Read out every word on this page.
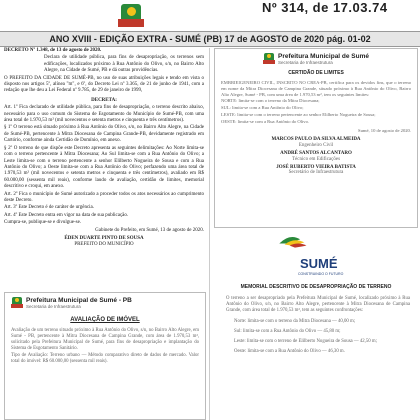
Nº 314, de 17.03.74
ANO XVIII - EDIÇÃO EXTRA - SUMÉ (PB) 17 de AGOSTO de 2020 pág. 01-02
DECRETO Nº 1.348, de 13 de agosto de 2020.
Declara de utilidade pública, para fins de desapropriação, os terrenos sem edificações, localizados próximo à Rua Antônio do Olivo, s/n, no Bairro Alto Alegre, na Cidade de Sumé, PB e dá outras providências.
O PREFEITO DA CIDADE DE SUMÉ-PB, no uso de suas atribuições legais e tendo em vista o disposto nos artigos 5º, alínea "m", e 6º, do Decreto Lei nº 3.365, de 21 de junho de 1941, com a redação que lhe deu a Lei Federal nº 9.785, de 29 de janeiro de 1999,
DECRETA:
Art. 1º Fica declarado de utilidade pública, para fins de desapropriação, o terreno descrito abaixo, necessário para o uso comum do Sistema de Esgotamento do Município de Sumé-PB, com uma área total de 1.970,53 m² (mil novecentos e setenta metros e cinquenta e três centímetros).
§ 1º O terreno está situado próximo à Rua Antônio do Olivo, s/n, no Bairro Alto Alegre, na Cidade de Sumé-PB, pertencente à Mitra Diocesana de Campina Grande-PB, devidamente registrado em Cartório, conforme ainda Certidão de Domínio, em anexo.
§ 2º O terreno de que dispõe este Decreto apresenta as seguintes delimitações: Ao Norte limita-se com o terreno pertencente à Mitra Diocesana; Ao Sul limita-se com a Rua Antônio do Olivo; a Leste limita-se com o terreno pertencente a senhor Elilberto Nogueira de Sousa e com a Rua Antônio do Olivo; a Oeste limita-se com a Rua Antônio do Olivo; perfazendo uma área total de 1.970,53 m² (mil novecentos e setenta metros e cinquenta e três centímetros), avaliado em R$ 60.000,00 (sessenta mil reais), conforme laudo de avaliação, certidão de limites, memorial descritivo e croqui, em anexo.
Art. 2º Fica o município de Sumé autorizado a proceder todos os atos necessários ao cumprimento deste Decreto.
Art. 3º Este Decreto é de caráter de urgência.
Art. 4º Este Decreto entra em vigor na data de sua publicação.
Cumpra-se, publique-se e divulgue-se.
Gabinete do Prefeito, em Sumé, 13 de agosto de 2020.
ÉDEN DUARTE PINTO DE SOUSA
PREFEITO DO MUNICÍPIO
Prefeitura Municipal de Sumé - PB
Secretaria de Infraestrutura
AVALIAÇÃO DE IMÓVEL
Avaliação de um terreno situado próximo à Rua Antônio do Olivo, s/n, no Bairro Alto Alegre, em Sumé - PB, pertencente à Mitra Diocesana de Campina Grande, com área de 1.970,53 m², solicitado pela Prefeitura Municipal de Sumé, para fins de desapropriação e implantação do Sistema de Esgotamento Sanitário.
Tipo de Avaliação: Terreno urbano — Método comparativo direto de dados de mercado. Valor total do imóvel: R$ 60.000,00 (sessenta mil reais).
Prefeitura Municipal de Sumé
Secretaria de Infraestrutura
CERTIDÃO DE LIMITES
EMBRIEIGENEIRO CIVIL, INSCRITO NO CREA-PB, certifica para os devidos fins, que o terreno em nome da Mitra Diocesana de Campina Grande, situado próximo à Rua Antônio do Olivo, Bairro Alto Alegre, Sumé - PB, com uma área de 1.970,53 m², tem os seguintes limites:
NORTE: limita-se com o terreno da Mitra Diocesana;
SUL: limita-se com a Rua Antônio do Olivo;
LESTE: limita-se com o terreno pertencente ao senhor Elilberto Nogueira de Sousa;
OESTE: limita-se com a Rua Antônio do Olivo.
Sumé, 10 de agosto de 2020.
MARCOS PAULO DA SILVA ALMEIDA
Engenheiro Civil
ANDRÉ SANTOS ALCANTARO
Técnico em Edificações
JOSÉ RUBERTO VIEIRA BATISTA
Secretário de Infraestrutura
SUMÉ
CONSTRUINDO O FUTURO
MEMORIAL DESCRITIVO DE DESAPROPRIAÇÃO DE TERRENO
O terreno a ser desapropriado pela Prefeitura Municipal de Sumé, localizado próximo à Rua Antônio do Olivo, s/n, no Bairro Alto Alegre, pertencente à Mitra Diocesana de Campina Grande, com área total de 1.970,53 m², tem as seguintes confrontações:
Norte: limita-se com o terreno da Mitra Diocesana — 40,00 m;
Sul: limita-se com a Rua Antônio do Olivo — 45,80 m;
Leste: limita-se com o terreno de Elilberto Nogueira de Sousa — 42,50 m;
Oeste: limita-se com a Rua Antônio do Olivo — 46,30 m.
